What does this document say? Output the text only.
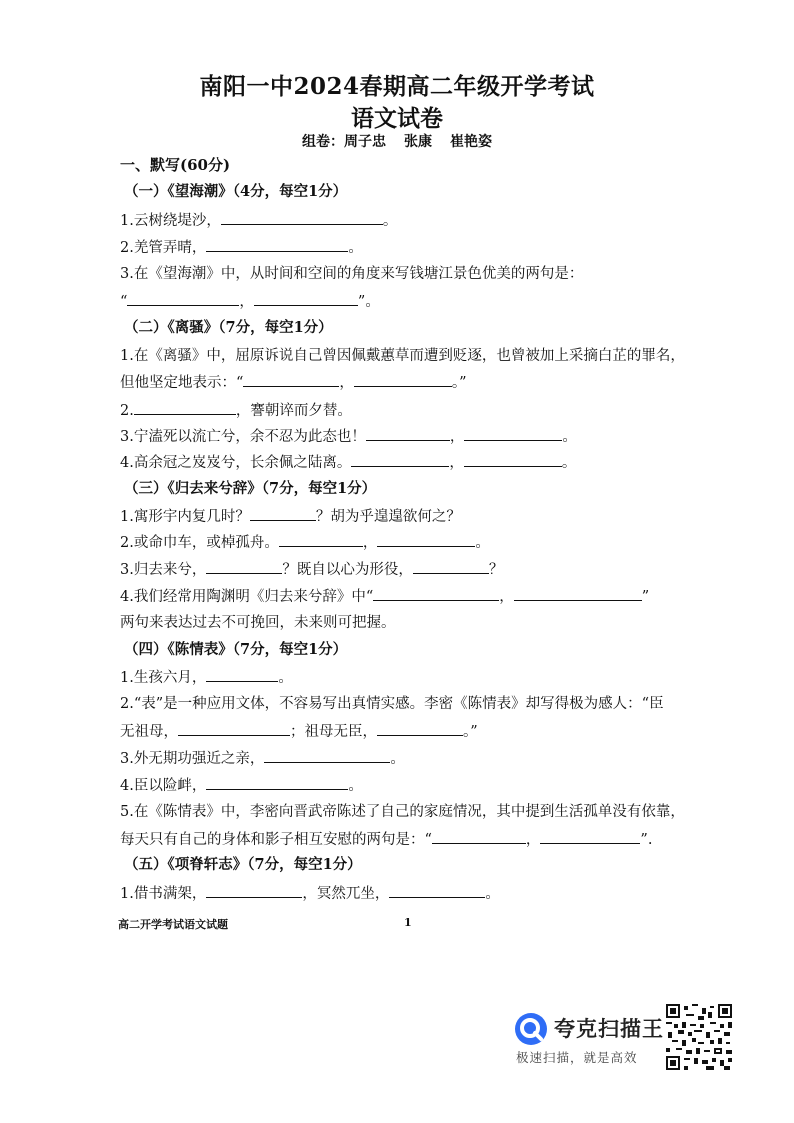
南阳一中2024春期高二年级开学考试
语文试卷
组卷：周子忠 张康 崔艳姿
一、默写(60分)
（一）《望海潮》（4分，每空1分）
1.云树绕堤沙，	。
2.羌管弄晴，	。
3.在《望海潮》中，从时间和空间的角度来写钱塘江景色优美的两句是：
“	，	”。
（二）《离骚》（7分，每空1分）
1.在《离骚》中，屈原诉说自己曾因佩戴蕙草而遭到贬逐，也曾被加上采摘白芷的罪名，
但他坚定地表示：“	，	。”
2.	，謇朝谇而夕替。
3.宁溘死以流亡兮，余不忍为此态也！	，	。
4.高余冠之岌岌兮，长余佩之陆离。	，	。
（三）《归去来兮辞》（7分，每空1分）
1.寓形宇内复几时？	？胡为乎遑遑欲何之？
2.或命巾车，或棹孤舟。	，	。
3.归去来兮，	？既自以心为形役，	？
4.我们经常用陶渊明《归去来兮辞》中“	，	”
两句来表达过去不可挽回，未来则可把握。
（四）《陈情表》（7分，每空1分）
1.生孩六月，	。
2.“表”是一种应用文体，不容易写出真情实感。李密《陈情表》却写得极为感人：“臣
无祖母，	；祖母无臣，	。”
3.外无期功强近之亲，	。
4.臣以险衅，	。
5.在《陈情表》中，李密向晋武帝陈述了自己的家庭情况，其中提到生活孤单没有依靠，
每天只有自己的身体和影子相互安慰的两句是：“	，	”.
（五）《项脊轩志》（7分，每空1分）
1.借书满架，	，冥然兀坐，	。
高二开学考试语文试题	1
夸克扫描王
极速扫描，就是高效
